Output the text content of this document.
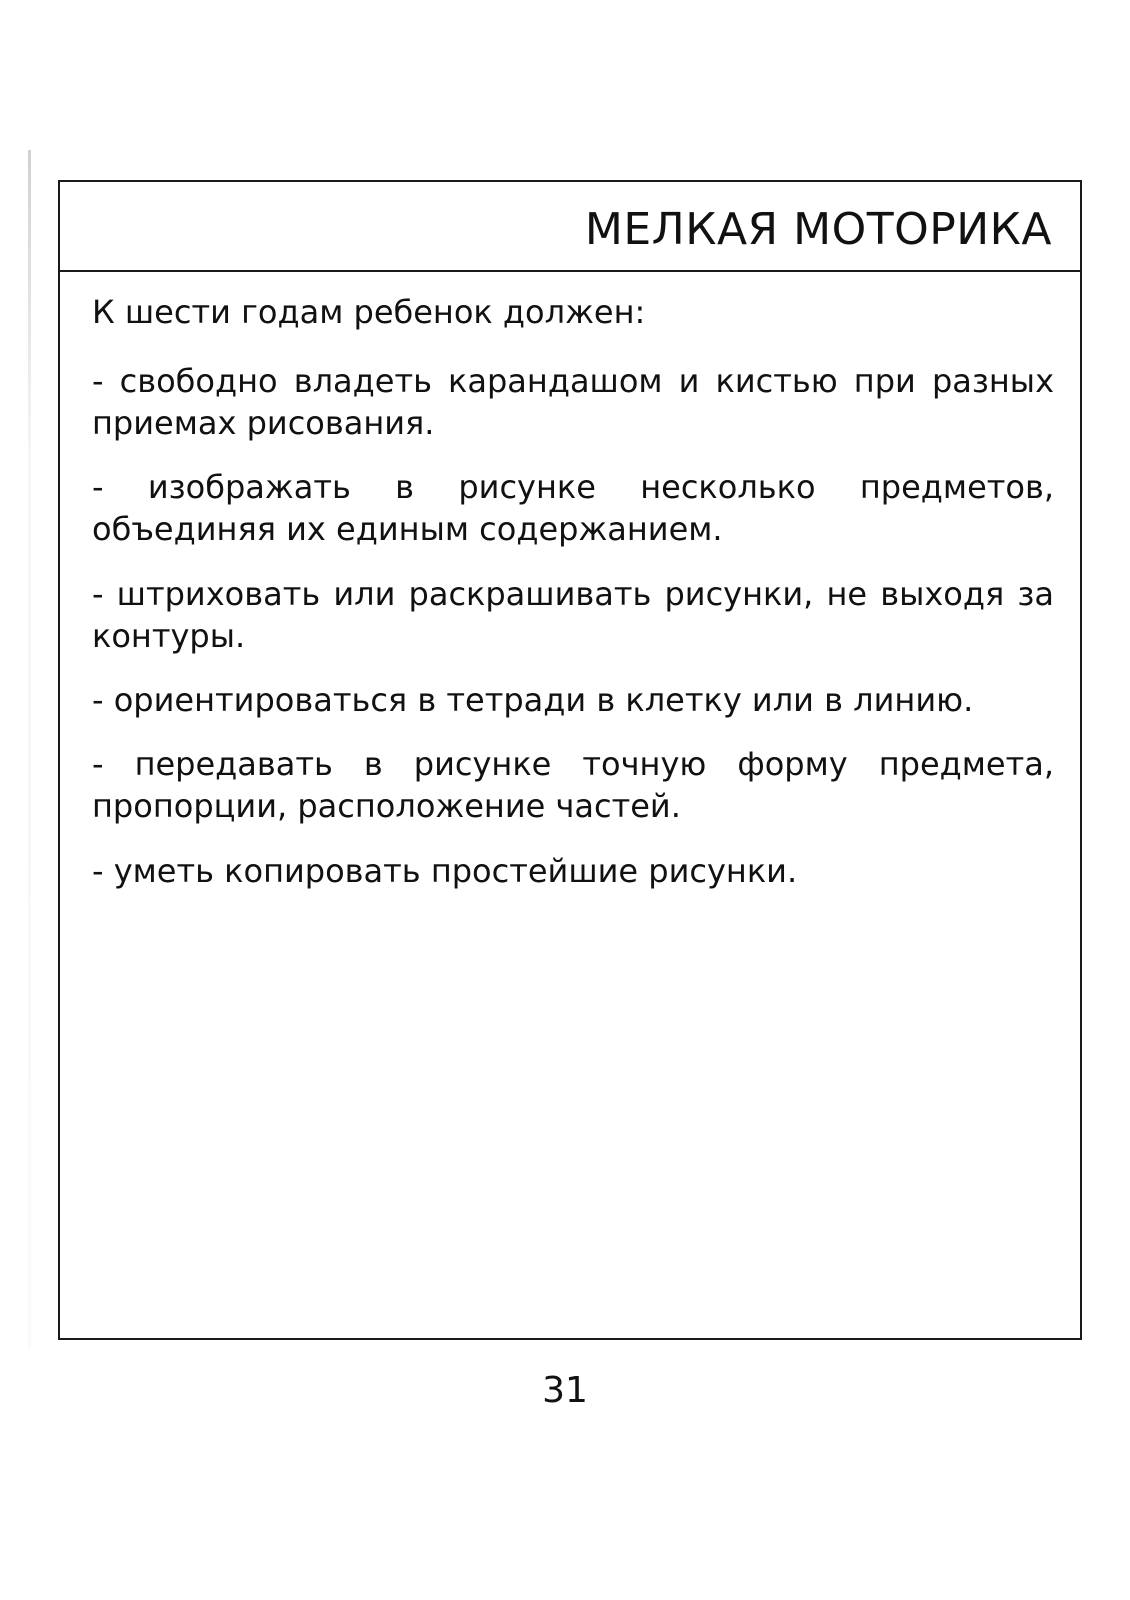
МЕЛКАЯ МОТОРИКА

К шести годам ребенок должен:

- свободно владеть карандашом и кистью при разных приемах рисования.

- изображать в рисунке несколько предметов, объединяя их единым содержанием.

- штриховать или раскрашивать рисунки, не выходя за контуры.

- ориентироваться в тетради в клетку или в линию.

- передавать в рисунке точную форму предмета, пропорции, расположение частей.

- уметь копировать простейшие рисунки.

31
